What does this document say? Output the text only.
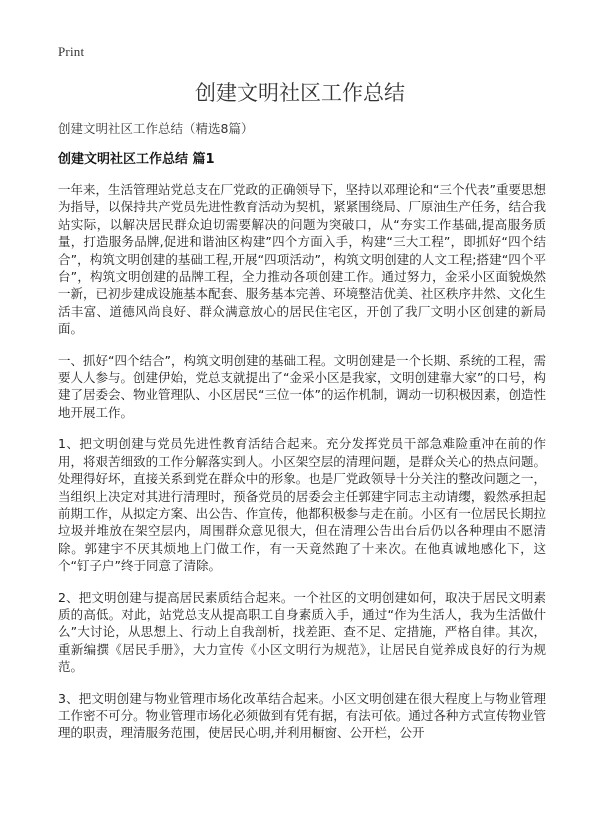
Print
创建文明社区工作总结

创建文明社区工作总结（精选8篇）

创建文明社区工作总结 篇1

一年来，生活管理站党总支在厂党政的正确领导下，坚持以邓理论和“三个代表”重要思想为指导，以保持共产党员先进性教育活动为契机，紧紧围绕局、厂原油生产任务，结合我站实际，以解决居民群众迫切需要解决的问题为突破口，从“夯实工作基础,提高服务质量，打造服务品牌,促进和谐油区构建”四个方面入手，构建“三大工程”，即抓好“四个结合”，构筑文明创建的基础工程,开展“四项活动”，构筑文明创建的人文工程;搭建“四个平台”，构筑文明创建的品牌工程，全力推动各项创建工作。通过努力，金采小区面貌焕然一新，已初步建成设施基本配套、服务基本完善、环境整洁优美、社区秩序井然、文化生活丰富、道德风尚良好、群众满意放心的居民住宅区，开创了我厂文明小区创建的新局面。

一、抓好“四个结合”，构筑文明创建的基础工程。文明创建是一个长期、系统的工程，需要人人参与。创建伊始，党总支就提出了“金采小区是我家，文明创建靠大家”的口号，构建了居委会、物业管理队、小区居民“三位一体”的运作机制，调动一切积极因素，创造性地开展工作。

1、把文明创建与党员先进性教育活结合起来。充分发挥党员干部急难险重冲在前的作用，将艰苦细致的工作分解落实到人。小区架空层的清理问题，是群众关心的热点问题。处理得好坏，直接关系到党在群众中的形象。也是厂党政领导十分关注的整改问题之一，当组织上决定对其进行清理时，预备党员的居委会主任郭建宇同志主动请缨，毅然承担起前期工作，从拟定方案、出公告、作宣传，他都积极参与走在前。小区有一位居民长期拉垃圾并堆放在架空层内，周围群众意见很大，但在清理公告出台后仍以各种理由不愿清除。郭建宇不厌其烦地上门做工作，有一天竟然跑了十来次。在他真诚地感化下，这个“钉子户”终于同意了清除。

2、把文明创建与提高居民素质结合起来。一个社区的文明创建如何，取决于居民文明素质的高低。对此，站党总支从提高职工自身素质入手，通过“作为生活人，我为生活做什么”大讨论，从思想上、行动上自我剖析，找差距、查不足、定措施，严格自律。其次，重新编撰《居民手册》，大力宣传《小区文明行为规范》，让居民自觉养成良好的行为规范。

3、把文明创建与物业管理市场化改革结合起来。小区文明创建在很大程度上与物业管理工作密不可分。物业管理市场化必须做到有凭有据，有法可依。通过各种方式宣传物业管理的职责，理清服务范围，使居民心明,并利用橱窗、公开栏，公开
